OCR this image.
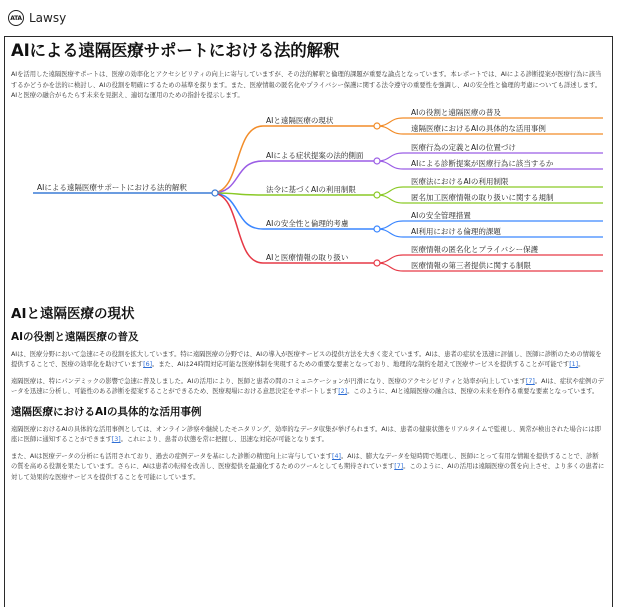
ATA Lawsy
AIによる遠隔医療サポートにおける法的解釈
AIを活用した遠隔医療サポートは、医療の効率化とアクセシビリティの向上に寄与していますが、その法的解釈と倫理的課題が重要な論点となっています。本レポートでは、AIによる診断提案が医療行為に該当するかどうかを法的に検討し、AIの役割を明確にするための基準を探ります。また、医療情報の匿名化やプライバシー保護に関する法令遵守の重要性を強調し、AIの安全性と倫理的考慮についても詳述します。AIと医療の融合がもたらす未来を見据え、適切な運用のための指針を提示します。
AIによる遠隔医療サポートにおける法的解釈
AIと遠隔医療の現状
AIの役割と遠隔医療の普及
遠隔医療におけるAIの具体的な活用事例
AIによる症状提案の法的側面
医療行為の定義とAIの位置づけ
AIによる診断提案が医療行為に該当するか
法令に基づくAIの利用制限
医療法におけるAIの利用制限
匿名加工医療情報の取り扱いに関する規制
AIの安全性と倫理的考慮
AIの安全管理措置
AI利用における倫理的課題
AIと医療情報の取り扱い
医療情報の匿名化とプライバシー保護
医療情報の第三者提供に関する制限
AIと遠隔医療の現状
AIの役割と遠隔医療の普及

AIは、医療分野において急速にその役割を拡大しています。特に遠隔医療の分野では、AIの導入が医療サービスの提供方法を大きく変えています。AIは、患者の症状を迅速に評価し、医師に診断のための情報を提供することで、医療の効率化を助けています[6]。また、AIは24時間対応可能な医療体制を実現するための重要な要素となっており、地理的な制約を超えて医療サービスを提供することが可能です[1]。

遠隔医療は、特にパンデミックの影響で急速に普及しました。AIの活用により、医師と患者の間のコミュニケーションが円滑になり、医療のアクセシビリティと効率が向上しています[7]。AIは、症状や症例のデータを迅速に分析し、可能性のある診断を提案することができるため、医療現場における意思決定をサポートします[2]。このように、AIと遠隔医療の融合は、医療の未来を形作る重要な要素となっています。

遠隔医療におけるAIの具体的な活用事例

遠隔医療におけるAIの具体的な活用事例としては、オンライン診察や継続したモニタリング、効率的なデータ収集が挙げられます。AIは、患者の健康状態をリアルタイムで監視し、異常が検出された場合には即座に医師に通知することができます[3]。これにより、患者の状態を常に把握し、迅速な対応が可能となります。

また、AIは医療データの分析にも活用されており、過去の症例データを基にした診断の精度向上に寄与しています[4]。AIは、膨大なデータを短時間で処理し、医師にとって有用な情報を提供することで、診断の質を高める役割を果たしています。さらに、AIは患者の転帰を改善し、医療提供を最適化するためのツールとしても期待されています[7]。このように、AIの活用は遠隔医療の質を向上させ、より多くの患者に対して効果的な医療サービスを提供することを可能にしています。
